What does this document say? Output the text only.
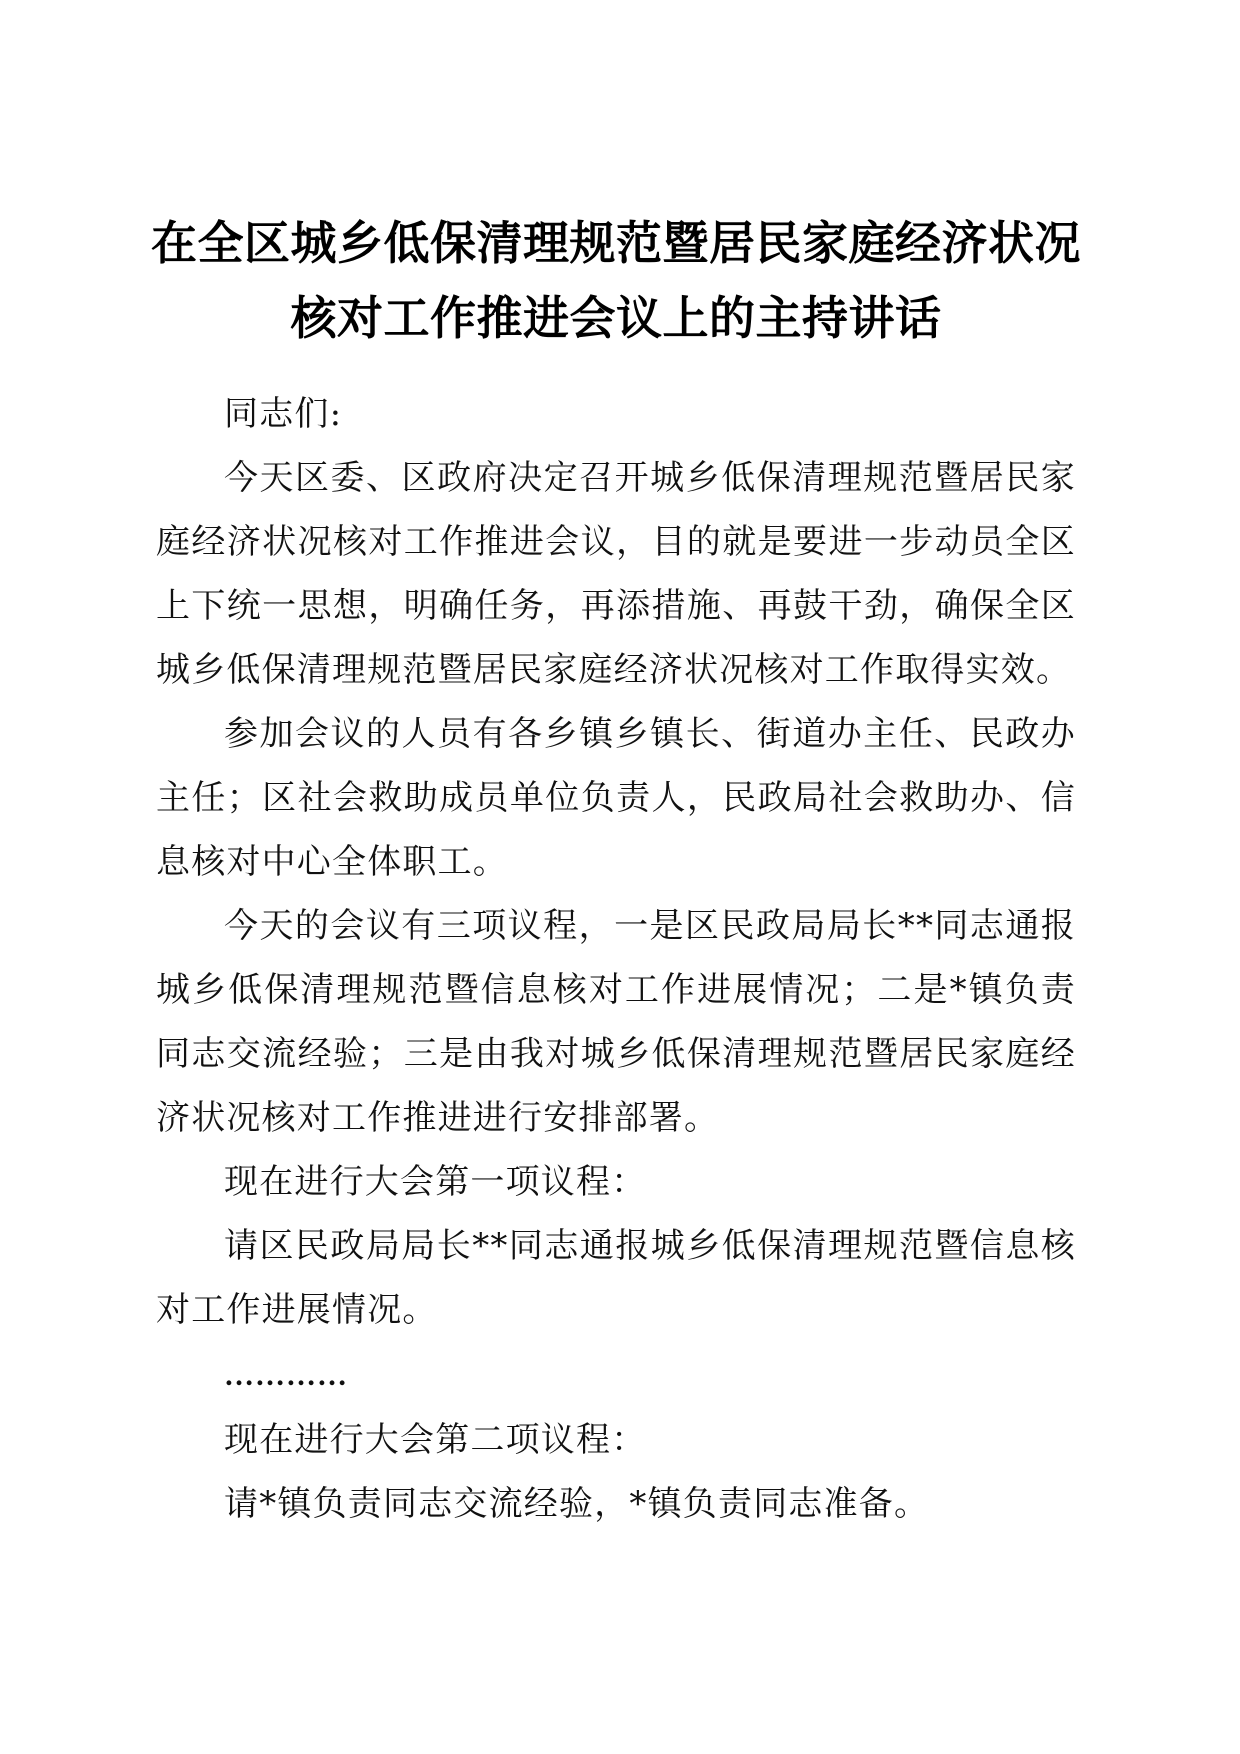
在全区城乡低保清理规范暨居民家庭经济状况
核对工作推进会议上的主持讲话

同志们:

今天区委、区政府决定召开城乡低保清理规范暨居民家庭经济状况核对工作推进会议，目的就是要进一步动员全区上下统一思想，明确任务，再添措施、再鼓干劲，确保全区城乡低保清理规范暨居民家庭经济状况核对工作取得实效。

参加会议的人员有各乡镇乡镇长、街道办主任、民政办主任；区社会救助成员单位负责人，民政局社会救助办、信息核对中心全体职工。

今天的会议有三项议程，一是区民政局局长**同志通报城乡低保清理规范暨信息核对工作进展情况；二是*镇负责同志交流经验；三是由我对城乡低保清理规范暨居民家庭经济状况核对工作推进进行安排部署。

现在进行大会第一项议程：

请区民政局局长**同志通报城乡低保清理规范暨信息核对工作进展情况。

…………

现在进行大会第二项议程：

请*镇负责同志交流经验，*镇负责同志准备。
